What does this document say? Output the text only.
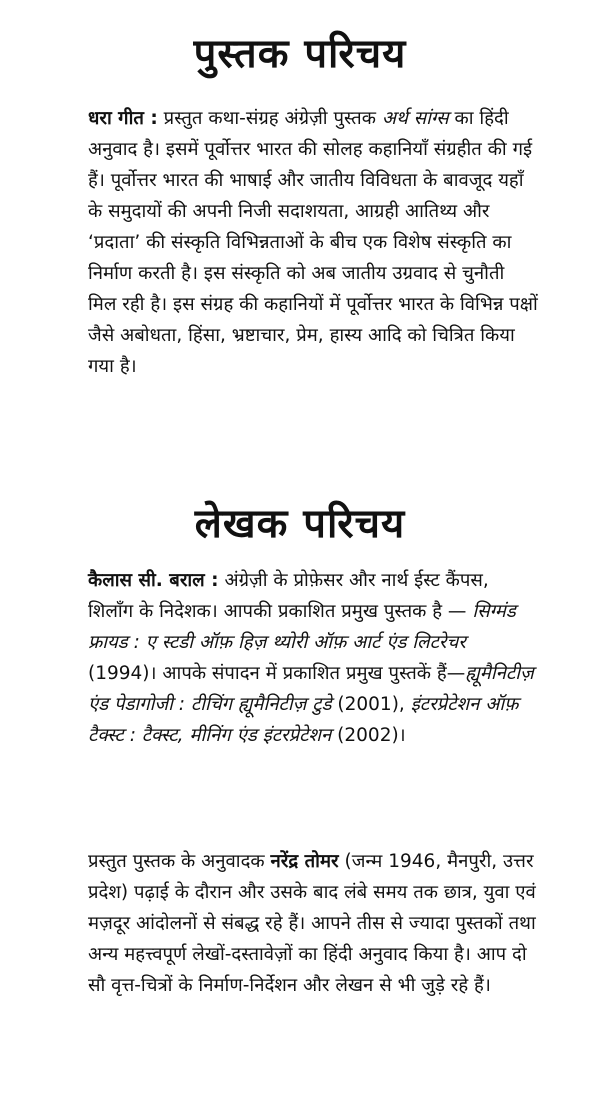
पुस्तक परिचय

धरा गीत : प्रस्तुत कथा-संग्रह अंग्रेज़ी पुस्तक अर्थ सांग्स का हिंदी अनुवाद है। इसमें पूर्वोत्तर भारत की सोलह कहानियाँ संग्रहीत की गई हैं। पूर्वोत्तर भारत की भाषाई और जातीय विविधता के बावजूद यहाँ के समुदायों की अपनी निजी सदाशयता, आग्रही आतिथ्य और ‘प्रदाता’ की संस्कृति विभिन्नताओं के बीच एक विशेष संस्कृति का निर्माण करती है। इस संस्कृति को अब जातीय उग्रवाद से चुनौती मिल रही है। इस संग्रह की कहानियों में पूर्वोत्तर भारत के विभिन्न पक्षों जैसे अबोधता, हिंसा, भ्रष्टाचार, प्रेम, हास्य आदि को चित्रित किया गया है।

लेखक परिचय

कैलास सी. बराल : अंग्रेज़ी के प्रोफ़ेसर और नार्थ ईस्ट कैंपस, शिलाँग के निदेशक। आपकी प्रकाशित प्रमुख पुस्तक है — सिग्मंड फ्रायड : ए स्टडी ऑफ़ हिज़ थ्योरी ऑफ़ आर्ट एंड लिटरेचर (1994)। आपके संपादन में प्रकाशित प्रमुख पुस्तकें हैं—ह्यूमैनिटीज़ एंड पेडागोजी : टीचिंग ह्यूमैनिटीज़ टुडे (2001), इंटरप्रेटेशन ऑफ़ टैक्स्ट : टैक्स्ट, मीनिंग एंड इंटरप्रेटेशन (2002)।

प्रस्तुत पुस्तक के अनुवादक नरेंद्र तोमर (जन्म 1946, मैनपुरी, उत्तर प्रदेश) पढ़ाई के दौरान और उसके बाद लंबे समय तक छात्र, युवा एवं मज़दूर आंदोलनों से संबद्ध रहे हैं। आपने तीस से ज्यादा पुस्तकों तथा अन्य महत्त्वपूर्ण लेखों-दस्तावेज़ों का हिंदी अनुवाद किया है। आप दो सौ वृत्त-चित्रों के निर्माण-निर्देशन और लेखन से भी जुड़े रहे हैं।
